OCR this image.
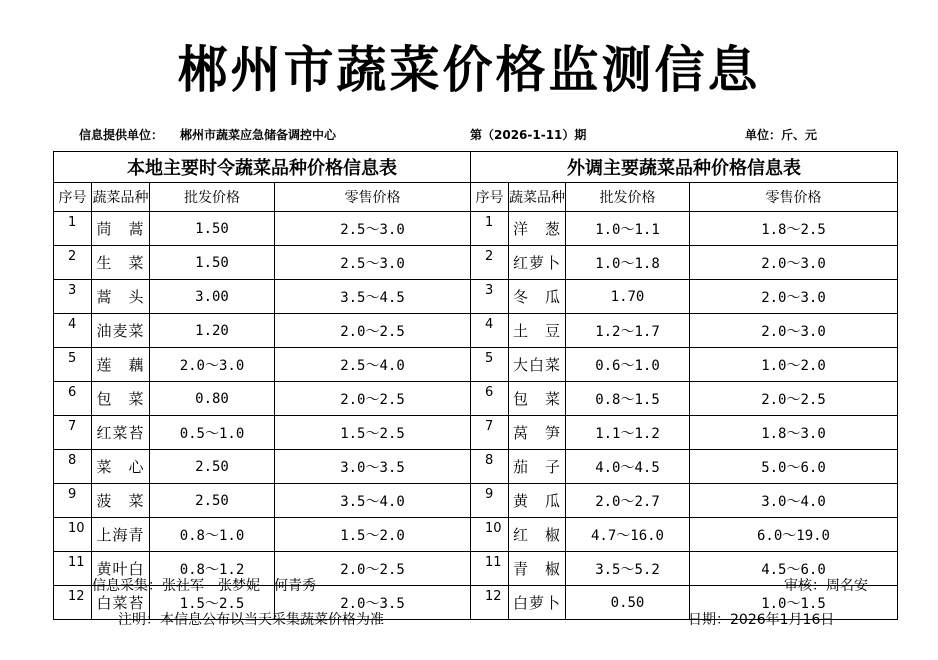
郴州市蔬菜价格监测信息
信息提供单位： 郴州市蔬菜应急储备调控中心	第（2026-1-11）期	单位：斤、元
本地主要时令蔬菜品种价格信息表				外调主要蔬菜品种价格信息表			
序号	蔬菜品种	批发价格	零售价格	序号	蔬菜品种	批发价格	零售价格
1	茼　蒿	1.50	2.5～3.0	1	洋　葱	1.0～1.1	1.8～2.5
2	生　菜	1.50	2.5～3.0	2	红萝卜	1.0～1.8	2.0～3.0
3	蒿　头	3.00	3.5～4.5	3	冬　瓜	1.70	2.0～3.0
4	油麦菜	1.20	2.0～2.5	4	土　豆	1.2～1.7	2.0～3.0
5	莲　藕	2.0～3.0	2.5～4.0	5	大白菜	0.6～1.0	1.0～2.0
6	包　菜	0.80	2.0～2.5	6	包　菜	0.8～1.5	2.0～2.5
7	红菜苔	0.5～1.0	1.5～2.5	7	莴　笋	1.1～1.2	1.8～3.0
8	菜　心	2.50	3.0～3.5	8	茄　子	4.0～4.5	5.0～6.0
9	菠　菜	2.50	3.5～4.0	9	黄　瓜	2.0～2.7	3.0～4.0
10	上海青	0.8～1.0	1.5～2.0	10	红　椒	4.7～16.0	6.0～19.0
11	黄叶白	0.8～1.2	2.0～2.5	11	青　椒	3.5～5.2	4.5～6.0
12	白菜苔	1.5～2.5	2.0～3.5	12	白萝卜	0.50	1.0～1.5
信息采集：张社军　张梦妮　何青秀	审核：周名安
注明：本信息公布以当天采集蔬菜价格为准	日期：2026年1月16日
